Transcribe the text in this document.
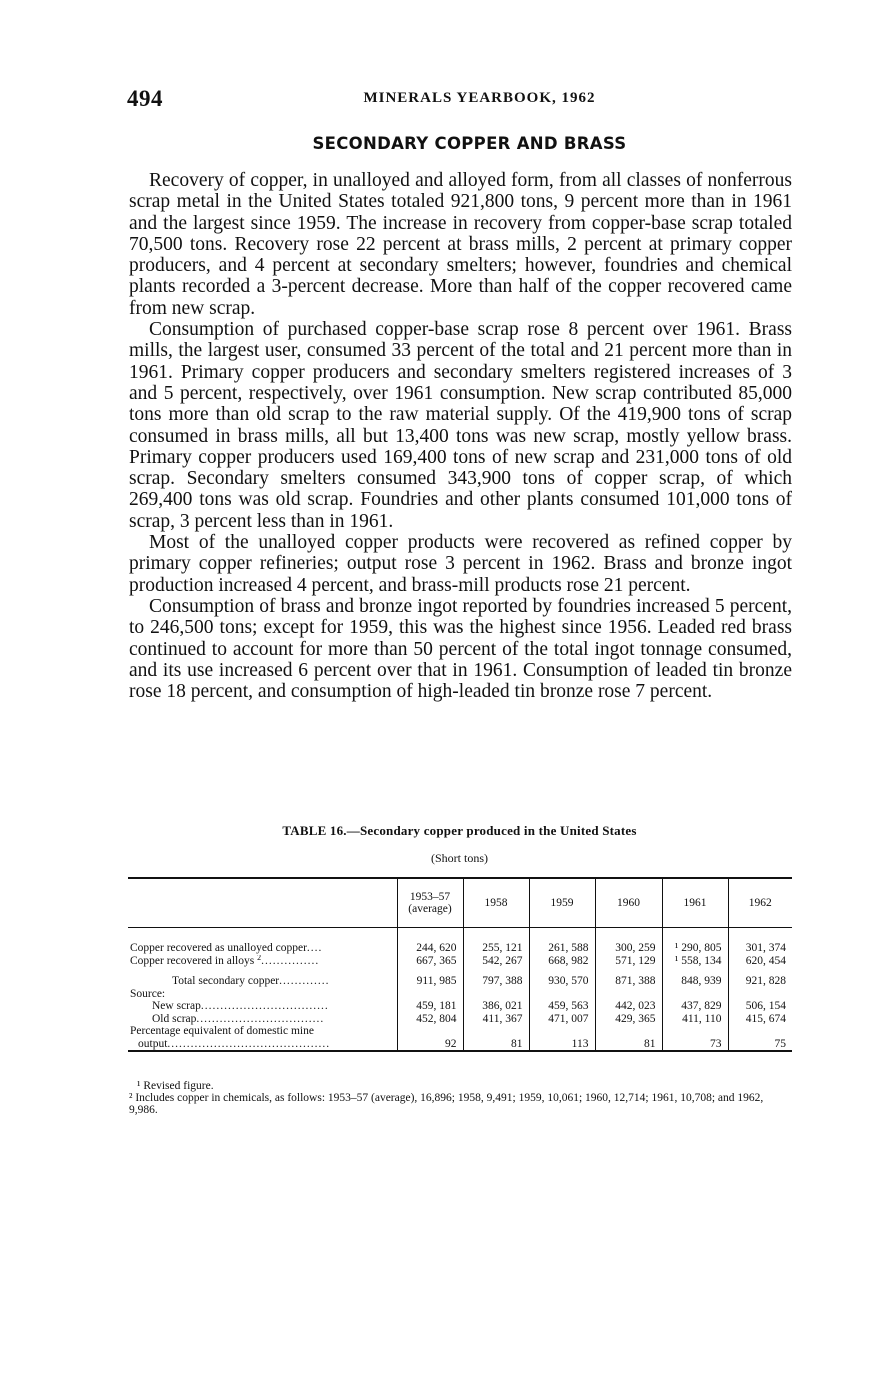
494	MINERALS YEARBOOK, 1962
SECONDARY COPPER AND BRASS

Recovery of copper, in unalloyed and alloyed form, from all classes of nonferrous scrap metal in the United States totaled 921,800 tons, 9 percent more than in 1961 and the largest since 1959. The increase in recovery from copper-base scrap totaled 70,500 tons. Recovery rose 22 percent at brass mills, 2 percent at primary copper producers, and 4 percent at secondary smelters; however, foundries and chemical plants recorded a 3-percent decrease. More than half of the copper recovered came from new scrap.

Consumption of purchased copper-base scrap rose 8 percent over 1961. Brass mills, the largest user, consumed 33 percent of the total and 21 percent more than in 1961. Primary copper producers and secondary smelters registered increases of 3 and 5 percent, respectively, over 1961 consumption. New scrap contributed 85,000 tons more than old scrap to the raw material supply. Of the 419,900 tons of scrap consumed in brass mills, all but 13,400 tons was new scrap, mostly yellow brass. Primary copper producers used 169,400 tons of new scrap and 231,000 tons of old scrap. Secondary smelters consumed 343,900 tons of copper scrap, of which 269,400 tons was old scrap. Foundries and other plants consumed 101,000 tons of scrap, 3 percent less than in 1961.

Most of the unalloyed copper products were recovered as refined copper by primary copper refineries; output rose 3 percent in 1962. Brass and bronze ingot production increased 4 percent, and brass-mill products rose 21 percent.

Consumption of brass and bronze ingot reported by foundries increased 5 percent, to 246,500 tons; except for 1959, this was the highest since 1956. Leaded red brass continued to account for more than 50 percent of the total ingot tonnage consumed, and its use increased 6 percent over that in 1961. Consumption of leaded tin bronze rose 18 percent, and consumption of high-leaded tin bronze rose 7 percent.

TABLE 16.—Secondary copper produced in the United States
(Short tons)
	1953–57 (average)	1958	1959	1960	1961	1962

Copper recovered as unalloyed copper....	244, 620	255, 121	261, 588	300, 259	¹ 290, 805	301, 374
Copper recovered in alloys $^2$...............	667, 365	542, 267	668, 982	571, 129	¹ 558, 134	620, 454

Total secondary copper.............	911, 985	797, 388	930, 570	871, 388	848, 939	921, 828
Source:						
New scrap.................................	459, 181	386, 021	459, 563	442, 023	437, 829	506, 154
Old scrap.................................	452, 804	411, 367	471, 007	429, 365	411, 110	415, 674
Percentage equivalent of domestic mine						
output..........................................	92	81	113	81	73	75

¹ Revised figure.

² Includes copper in chemicals, as follows: 1953–57 (average), 16,896; 1958, 9,491; 1959, 10,061; 1960, 12,714; 1961, 10,708; and 1962, 9,986.
